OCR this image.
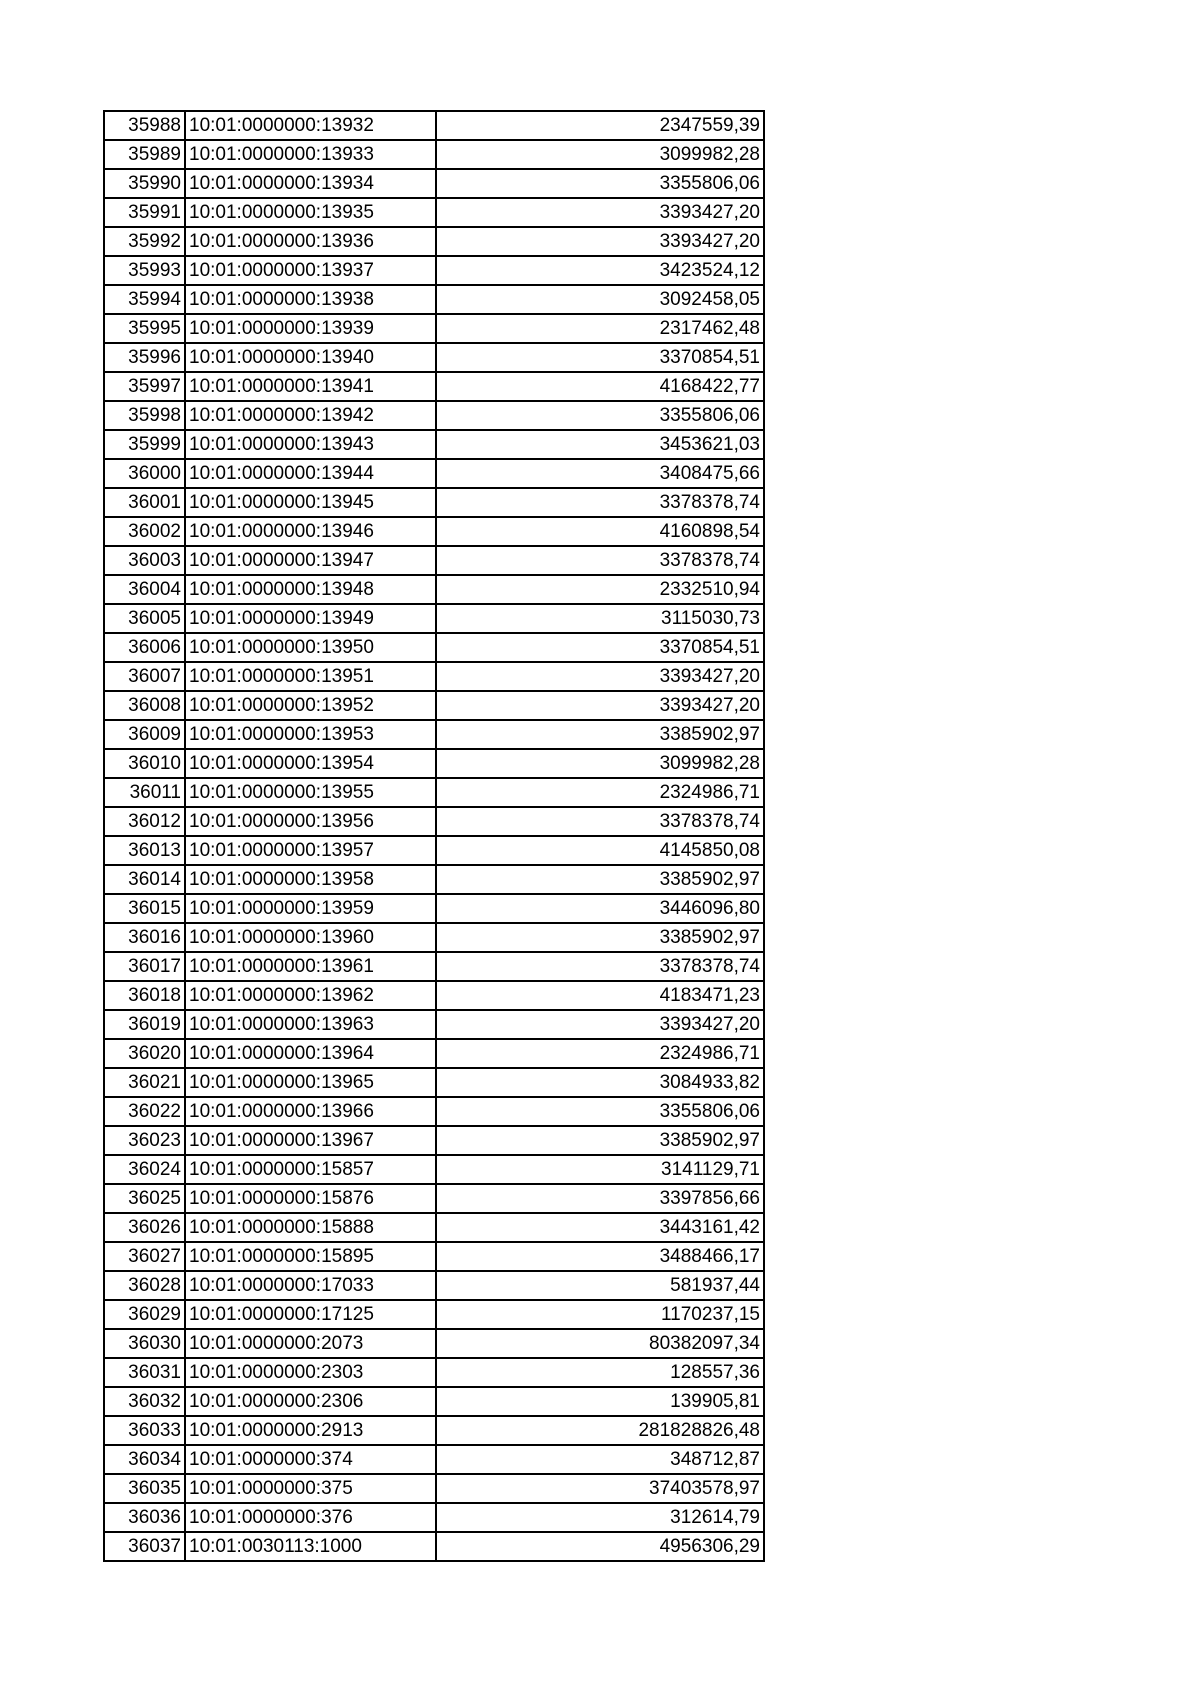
35988	10:01:0000000:13932	2347559,39
35989	10:01:0000000:13933	3099982,28
35990	10:01:0000000:13934	3355806,06
35991	10:01:0000000:13935	3393427,20
35992	10:01:0000000:13936	3393427,20
35993	10:01:0000000:13937	3423524,12
35994	10:01:0000000:13938	3092458,05
35995	10:01:0000000:13939	2317462,48
35996	10:01:0000000:13940	3370854,51
35997	10:01:0000000:13941	4168422,77
35998	10:01:0000000:13942	3355806,06
35999	10:01:0000000:13943	3453621,03
36000	10:01:0000000:13944	3408475,66
36001	10:01:0000000:13945	3378378,74
36002	10:01:0000000:13946	4160898,54
36003	10:01:0000000:13947	3378378,74
36004	10:01:0000000:13948	2332510,94
36005	10:01:0000000:13949	3115030,73
36006	10:01:0000000:13950	3370854,51
36007	10:01:0000000:13951	3393427,20
36008	10:01:0000000:13952	3393427,20
36009	10:01:0000000:13953	3385902,97
36010	10:01:0000000:13954	3099982,28
36011	10:01:0000000:13955	2324986,71
36012	10:01:0000000:13956	3378378,74
36013	10:01:0000000:13957	4145850,08
36014	10:01:0000000:13958	3385902,97
36015	10:01:0000000:13959	3446096,80
36016	10:01:0000000:13960	3385902,97
36017	10:01:0000000:13961	3378378,74
36018	10:01:0000000:13962	4183471,23
36019	10:01:0000000:13963	3393427,20
36020	10:01:0000000:13964	2324986,71
36021	10:01:0000000:13965	3084933,82
36022	10:01:0000000:13966	3355806,06
36023	10:01:0000000:13967	3385902,97
36024	10:01:0000000:15857	3141129,71
36025	10:01:0000000:15876	3397856,66
36026	10:01:0000000:15888	3443161,42
36027	10:01:0000000:15895	3488466,17
36028	10:01:0000000:17033	581937,44
36029	10:01:0000000:17125	1170237,15
36030	10:01:0000000:2073	80382097,34
36031	10:01:0000000:2303	128557,36
36032	10:01:0000000:2306	139905,81
36033	10:01:0000000:2913	281828826,48
36034	10:01:0000000:374	348712,87
36035	10:01:0000000:375	37403578,97
36036	10:01:0000000:376	312614,79
36037	10:01:0030113:1000	4956306,29
